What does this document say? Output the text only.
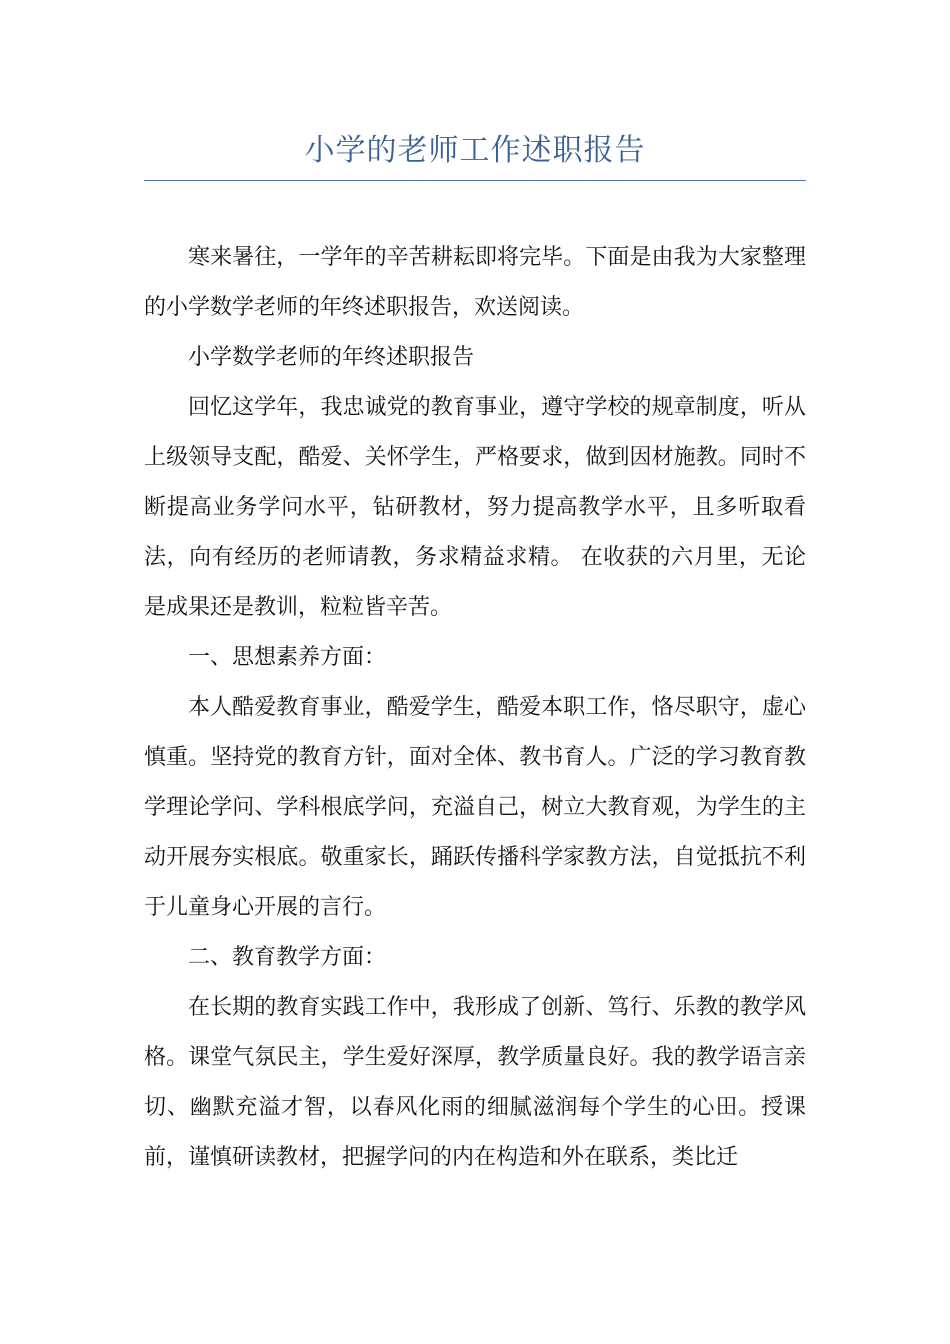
小学的老师工作述职报告

寒来暑往，一学年的辛苦耕耘即将完毕。下面是由我为大家整理的小学数学老师的年终述职报告，欢送阅读。

小学数学老师的年终述职报告

回忆这学年，我忠诚党的教育事业，遵守学校的规章制度，听从上级领导支配，酷爱、关怀学生，严格要求，做到因材施教。同时不断提高业务学问水平，钻研教材，努力提高教学水平，且多听取看法，向有经历的老师请教，务求精益求精。 在收获的六月里，无论是成果还是教训，粒粒皆辛苦。

一、思想素养方面：

本人酷爱教育事业，酷爱学生，酷爱本职工作，恪尽职守，虚心慎重。坚持党的教育方针，面对全体、教书育人。广泛的学习教育教学理论学问、学科根底学问，充溢自己，树立大教育观，为学生的主动开展夯实根底。敬重家长，踊跃传播科学家教方法，自觉抵抗不利于儿童身心开展的言行。

二、教育教学方面：

在长期的教育实践工作中，我形成了创新、笃行、乐教的教学风格。课堂气氛民主，学生爱好深厚，教学质量良好。我的教学语言亲切、幽默充溢才智，以春风化雨的细腻滋润每个学生的心田。授课前，谨慎研读教材，把握学问的内在构造和外在联系，类比迁
